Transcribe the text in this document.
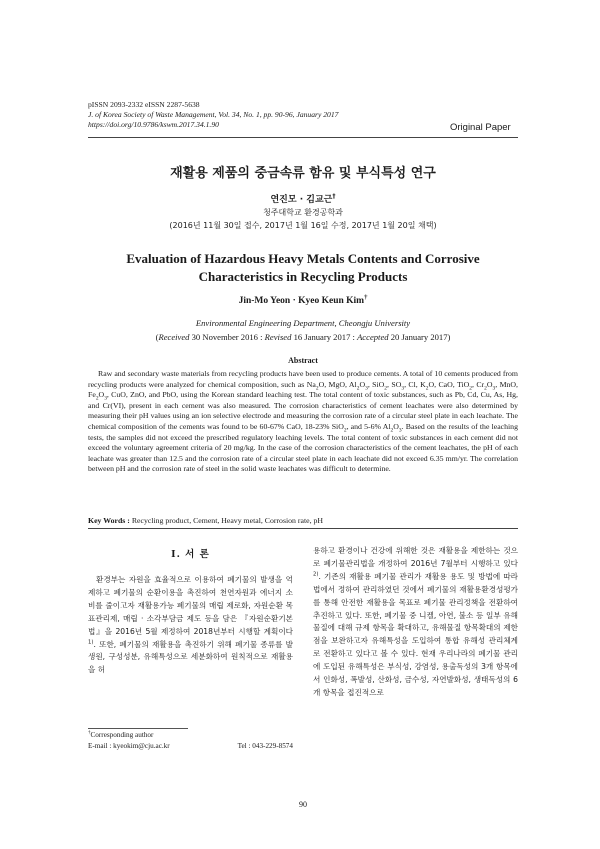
pISSN 2093-2332 eISSN 2287-5638
J. of Korea Society of Waste Management, Vol. 34, No. 1, pp. 90-96, January 2017
https://doi.org/10.9786/kswm.2017.34.1.90	Original Paper
재활용 제품의 중금속류 함유 및 부식특성 연구
연진모 · 김교근†
청주대학교 환경공학과
(2016년 11월 30일 접수, 2017년 1월 16일 수정, 2017년 1월 20일 채택)
Evaluation of Hazardous Heavy Metals Contents and Corrosive
Characteristics in Recycling Products
Jin-Mo Yeon · Kyeo Keun Kim†
Environmental Engineering Department, Cheongju University
(Received 30 November 2016 : Revised 16 January 2017 : Accepted 20 January 2017)
Abstract

Raw and secondary waste materials from recycling products have been used to produce cements. A total of 10 cements produced from recycling products were analyzed for chemical composition, such as $Na_2O$, MgO, $Al_2O_3$, SiO$_2$, $SO_3$, Cl, $K_2O$, CaO, TiO$_2$, $Cr_2O_3$, MnO, $Fe_2O_3$, CuO, ZnO, and PbO, using the Korean standard leaching test. The total content of toxic substances, such as Pb, Cd, Cu, As, Hg, and Cr(VI), present in each cement was also measured. The corrosion characteristics of cement leachates were also determined by measuring their pH values using an ion selective electrode and measuring the corrosion rate of a circular steel plate in each leachate. The chemical composition of the cements was found to be 60-67% CaO, 18-23% SiO$_2$, and 5-6% $Al_2O_3$. Based on the results of the leaching tests, the samples did not exceed the prescribed regulatory leaching levels. The total content of toxic substances in each cement did not exceed the voluntary agreement criteria of 20 mg/kg. In the case of the corrosion characteristics of the cement leachates, the pH of each leachate was greater than 12.5 and the corrosion rate of a circular steel plate in each leachate did not exceed 6.35 mm/yr. The correlation between pH and the corrosion rate of steel in the solid waste leachates was difficult to determine.

Key Words : Recycling product, Cement, Heavy metal, Corrosion rate, pH
I. 서 론

환경부는 자원을 효율적으로 이용하여 폐기물의 발생을 억제하고 폐기물의 순환이용을 촉진하여 천연자원과 에너지 소비를 줄이고자 재활용가능 폐기물의 매립 제로화, 자원순환 목표관리제, 매립 · 소각부담금 제도 등을 담은 『자원순환기본법』을 2016년 5월 제정하여 2018년부터 시행할 계획이다$^{1)}$. 또한, 폐기물의 재활용을 촉진하기 위해 폐기물 종류를 발생원, 구성성분, 유해특성으로 세분화하여 원칙적으로 재활용을 허

용하고 환경이나 건강에 위해한 것은 재활용을 제한하는 것으로 폐기물관리법을 개정하여 2016년 7월부터 시행하고 있다$^{2)}$. 기존의 재활용 폐기물 관리가 재활용 용도 및 방법에 따라 법에서 정하여 관리하였던 것에서 폐기물의 재활용환경성평가를 통해 안전한 재활용을 목표로 폐기물 관리정책을 전환하여 추진하고 있다. 또한, 폐기물 중 니켈, 아연, 불소 등 일부 유해물질에 대해 규제 항목을 확대하고, 유해물질 항목확대의 제한점을 보완하고자 유해특성을 도입하여 통합 유해성 관리체계로 전환하고 있다고 볼 수 있다. 현재 우리나라의 폐기물 관리에 도입된 유해특성은 부식성, 강염성, 용출독성의 3개 항목에서 인화성, 폭발성, 산화성, 금수성, 자연발화성, 생태독성의 6개 항목을 접진적으로

†Corresponding author
E-mail : kyeokim@cju.ac.kr	Tel : 043-229-8574
90
